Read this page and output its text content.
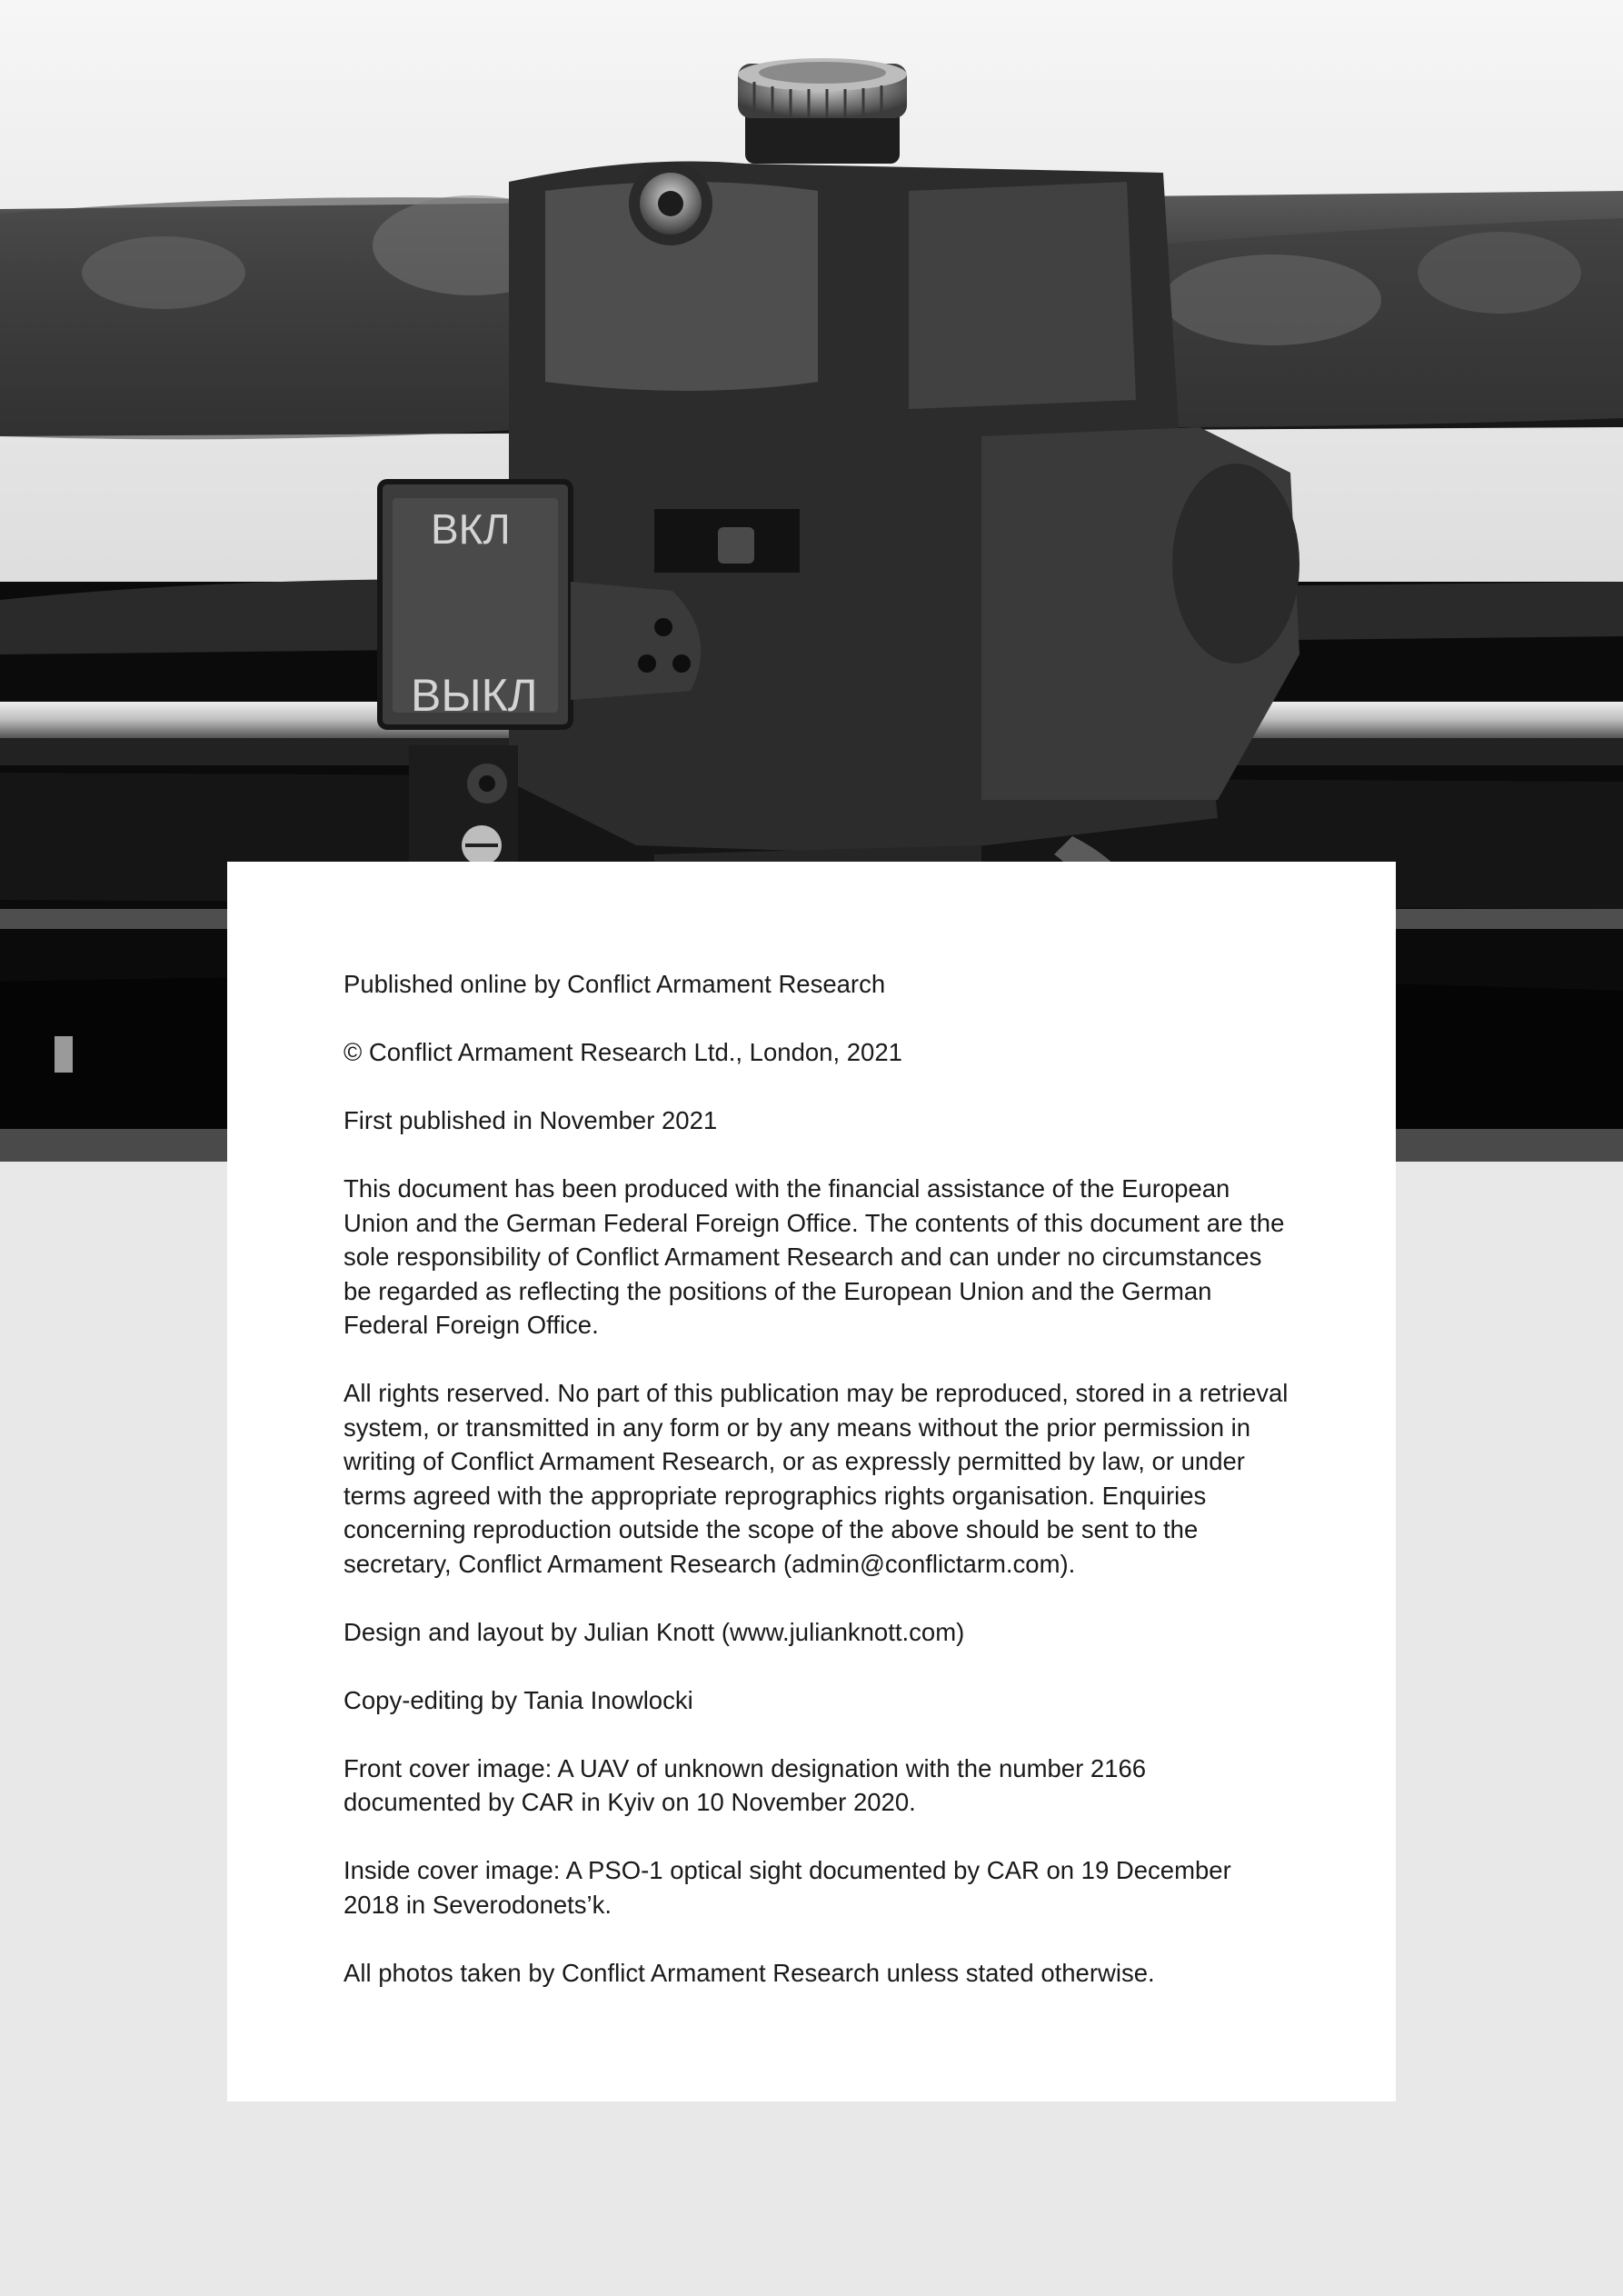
ВКЛ
ВЫКЛ

Published online by Conflict Armament Research

© Conflict Armament Research Ltd., London, 2021

First published in November 2021

This document has been produced with the financial assistance of the European Union and the German Federal Foreign Office. The contents of this document are the sole responsibility of Conflict Armament Research and can under no circumstances be regarded as reflecting the positions of the European Union and the German Federal Foreign Office.

All rights reserved. No part of this publication may be reproduced, stored in a retrieval system, or transmitted in any form or by any means without the prior permission in writing of Conflict Armament Research, or as expressly permitted by law, or under terms agreed with the appropriate reprographics rights organisation. Enquiries concerning reproduction outside the scope of the above should be sent to the secretary, Conflict Armament Research (admin@conflictarm.com).

Design and layout by Julian Knott (www.julianknott.com)

Copy-editing by Tania Inowlocki

Front cover image: A UAV of unknown designation with the number 2166 documented by CAR in Kyiv on 10 November 2020.

Inside cover image: A PSO-1 optical sight documented by CAR on 19 December 2018 in Severodonets’k.

All photos taken by Conflict Armament Research unless stated otherwise.
